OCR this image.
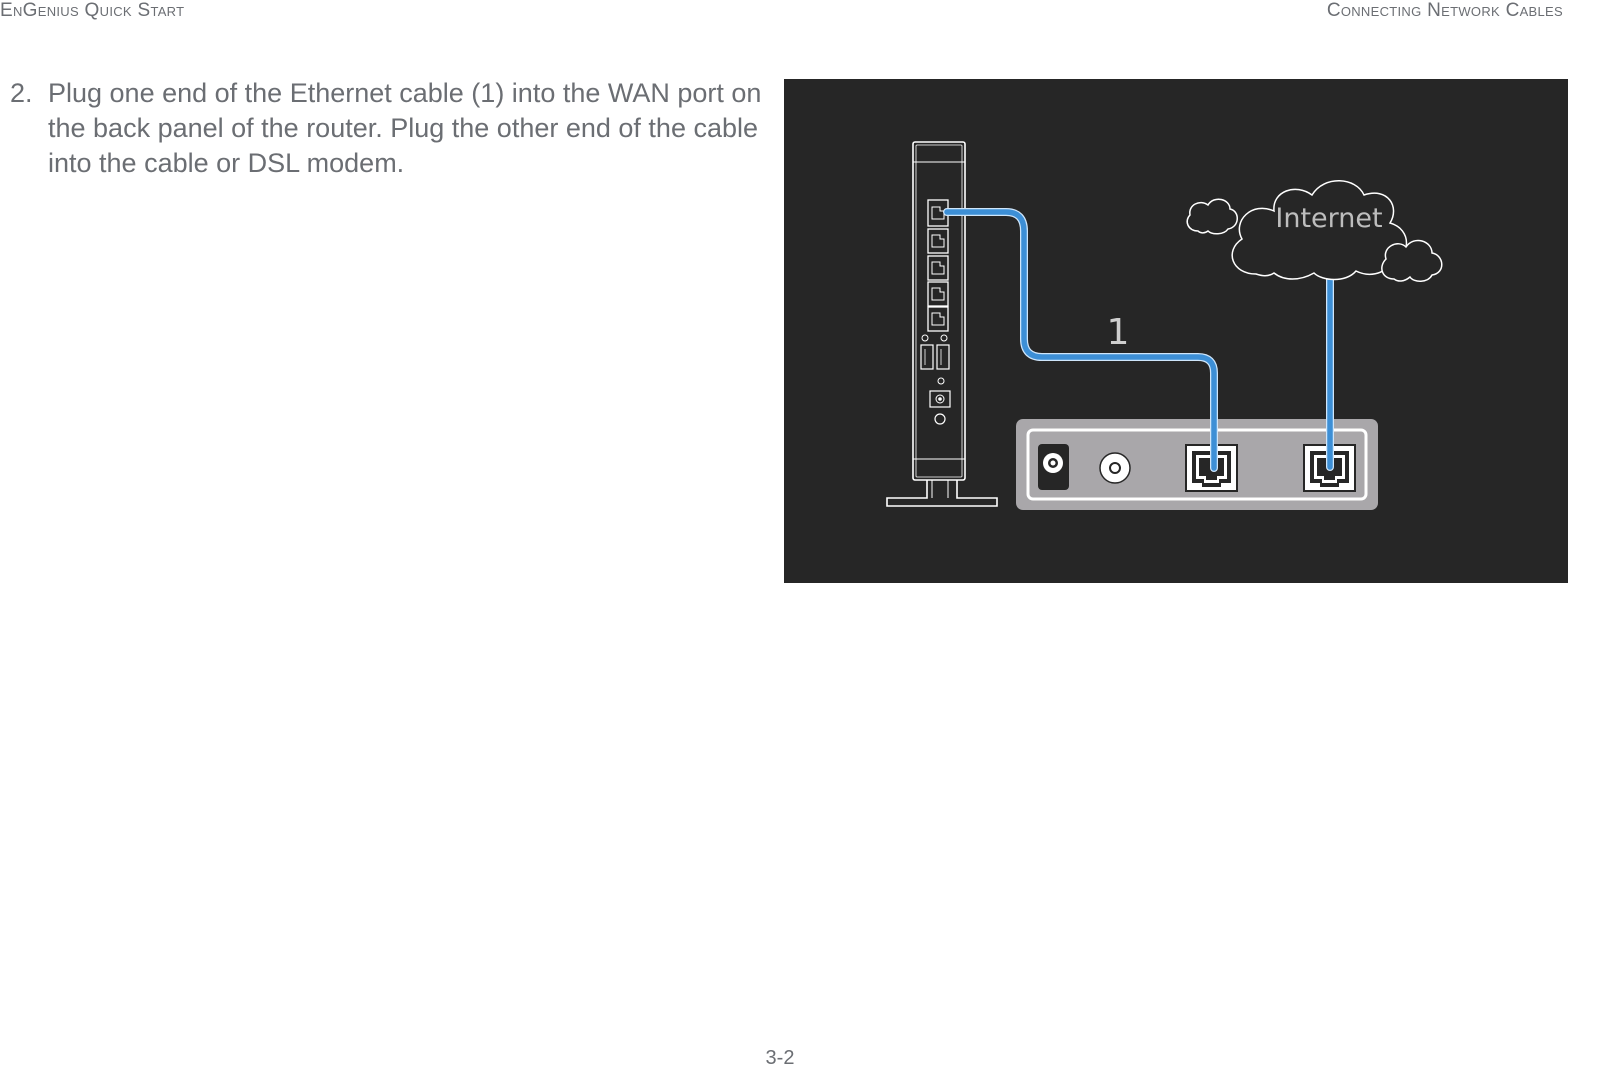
EnGenius Quick Start	Connecting Network Cables
2. Plug one end of the Ethernet cable (1) into the WAN port on the back panel of the router. Plug the other end of the cable into the cable or DSL modem.
1
Internet
3-2
